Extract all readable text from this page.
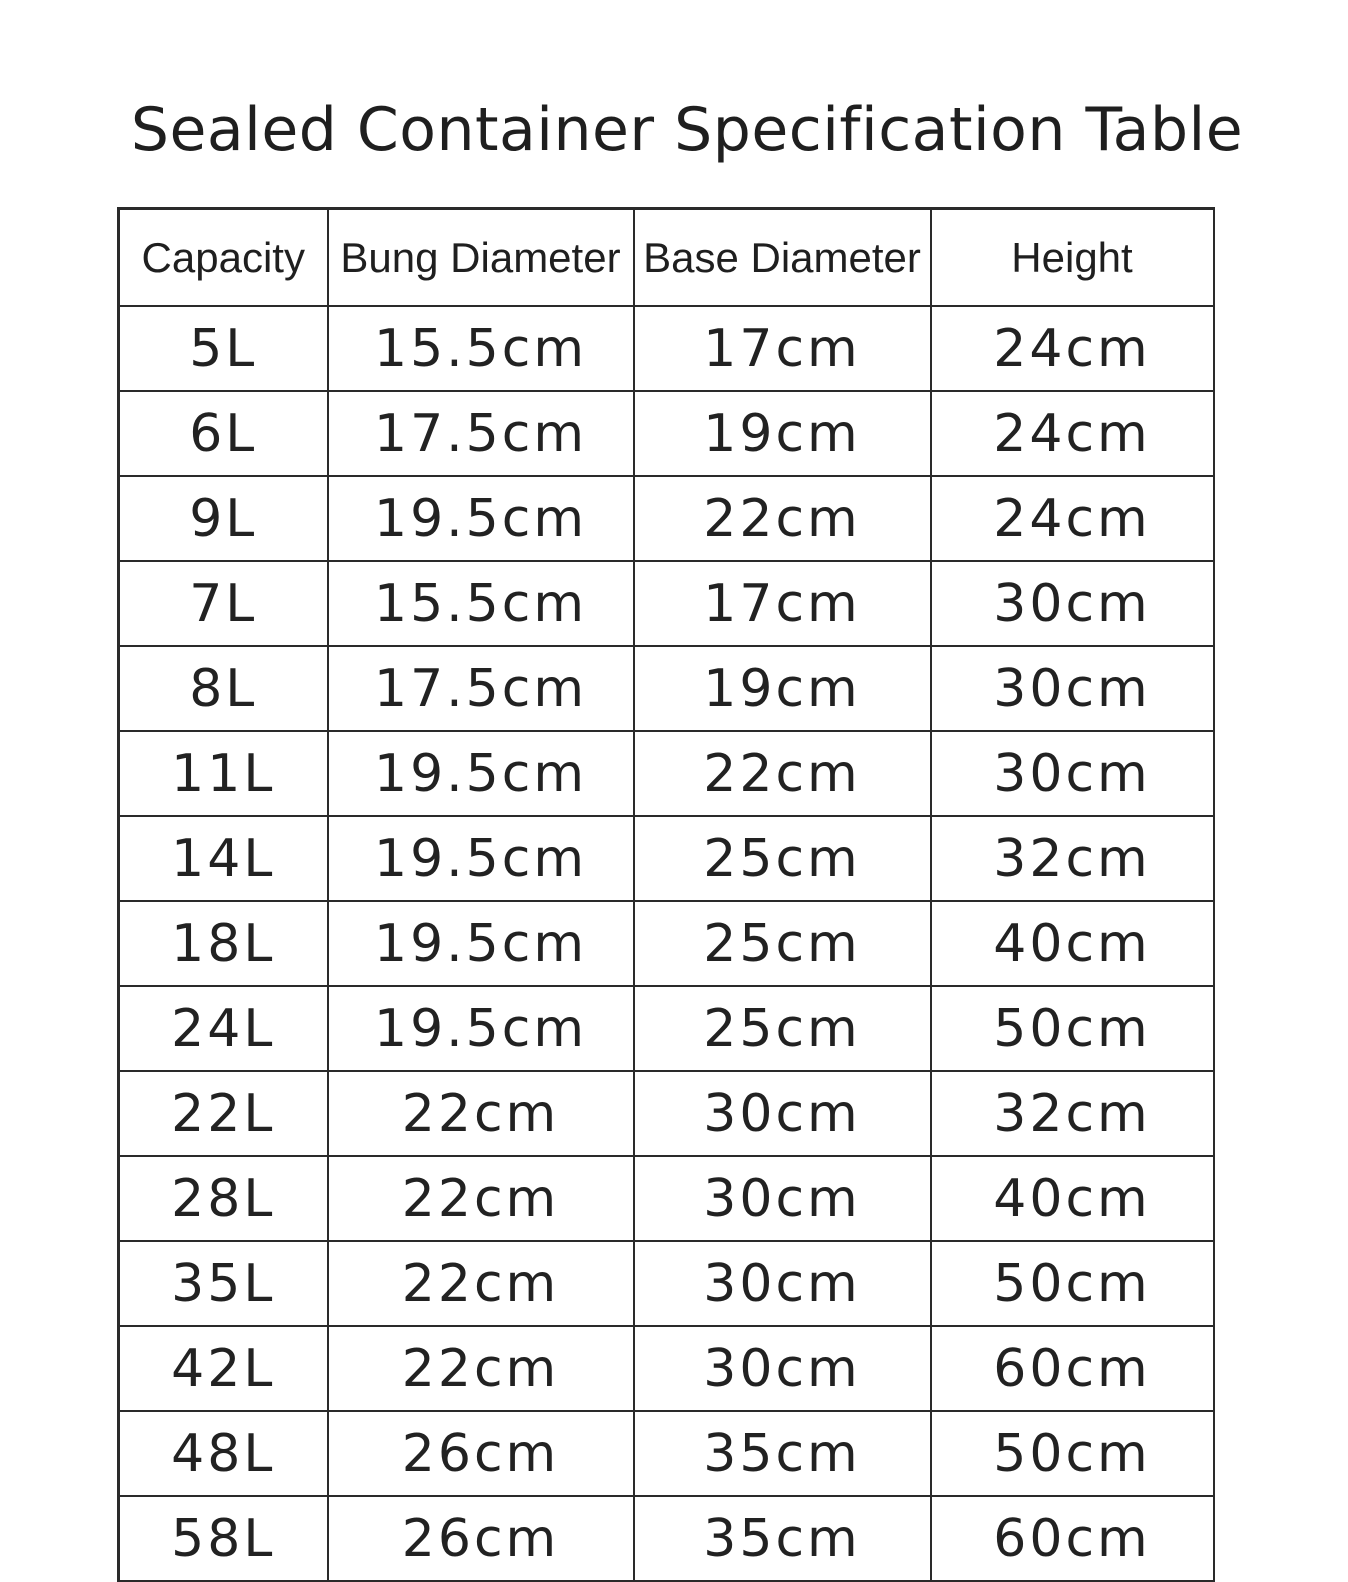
Sealed Container Specification Table
Capacity	Bung Diameter	Base Diameter	Height
5L	15.5cm	17cm	24cm
6L	17.5cm	19cm	24cm
9L	19.5cm	22cm	24cm
7L	15.5cm	17cm	30cm
8L	17.5cm	19cm	30cm
11L	19.5cm	22cm	30cm
14L	19.5cm	25cm	32cm
18L	19.5cm	25cm	40cm
24L	19.5cm	25cm	50cm
22L	22cm	30cm	32cm
28L	22cm	30cm	40cm
35L	22cm	30cm	50cm
42L	22cm	30cm	60cm
48L	26cm	35cm	50cm
58L	26cm	35cm	60cm
